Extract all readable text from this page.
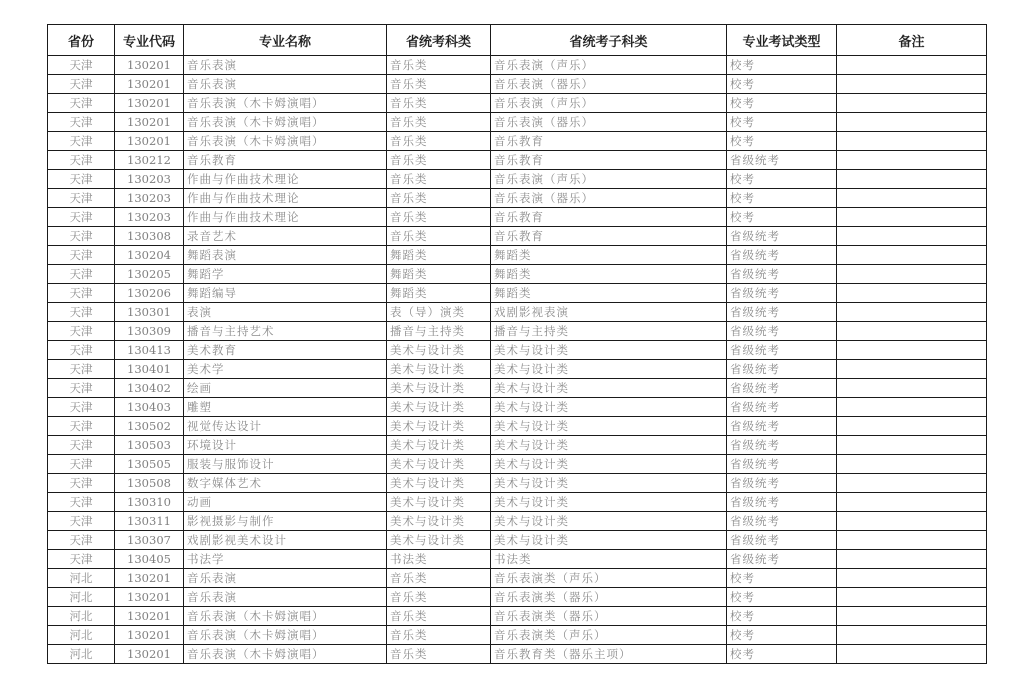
省份	专业代码	专业名称	省统考科类	省统考子科类	专业考试类型	备注
天津	130201	音乐表演	音乐类	音乐表演（声乐）	校考	
天津	130201	音乐表演	音乐类	音乐表演（器乐）	校考	
天津	130201	音乐表演（木卡姆演唱）	音乐类	音乐表演（声乐）	校考	
天津	130201	音乐表演（木卡姆演唱）	音乐类	音乐表演（器乐）	校考	
天津	130201	音乐表演（木卡姆演唱）	音乐类	音乐教育	校考	
天津	130212	音乐教育	音乐类	音乐教育	省级统考	
天津	130203	作曲与作曲技术理论	音乐类	音乐表演（声乐）	校考	
天津	130203	作曲与作曲技术理论	音乐类	音乐表演（器乐）	校考	
天津	130203	作曲与作曲技术理论	音乐类	音乐教育	校考	
天津	130308	录音艺术	音乐类	音乐教育	省级统考	
天津	130204	舞蹈表演	舞蹈类	舞蹈类	省级统考	
天津	130205	舞蹈学	舞蹈类	舞蹈类	省级统考	
天津	130206	舞蹈编导	舞蹈类	舞蹈类	省级统考	
天津	130301	表演	表（导）演类	戏剧影视表演	省级统考	
天津	130309	播音与主持艺术	播音与主持类	播音与主持类	省级统考	
天津	130413	美术教育	美术与设计类	美术与设计类	省级统考	
天津	130401	美术学	美术与设计类	美术与设计类	省级统考	
天津	130402	绘画	美术与设计类	美术与设计类	省级统考	
天津	130403	雕塑	美术与设计类	美术与设计类	省级统考	
天津	130502	视觉传达设计	美术与设计类	美术与设计类	省级统考	
天津	130503	环境设计	美术与设计类	美术与设计类	省级统考	
天津	130505	服装与服饰设计	美术与设计类	美术与设计类	省级统考	
天津	130508	数字媒体艺术	美术与设计类	美术与设计类	省级统考	
天津	130310	动画	美术与设计类	美术与设计类	省级统考	
天津	130311	影视摄影与制作	美术与设计类	美术与设计类	省级统考	
天津	130307	戏剧影视美术设计	美术与设计类	美术与设计类	省级统考	
天津	130405	书法学	书法类	书法类	省级统考	
河北	130201	音乐表演	音乐类	音乐表演类（声乐）	校考	
河北	130201	音乐表演	音乐类	音乐表演类（器乐）	校考	
河北	130201	音乐表演（木卡姆演唱）	音乐类	音乐表演类（器乐）	校考	
河北	130201	音乐表演（木卡姆演唱）	音乐类	音乐表演类（声乐）	校考	
河北	130201	音乐表演（木卡姆演唱）	音乐类	音乐教育类（器乐主项）	校考	
